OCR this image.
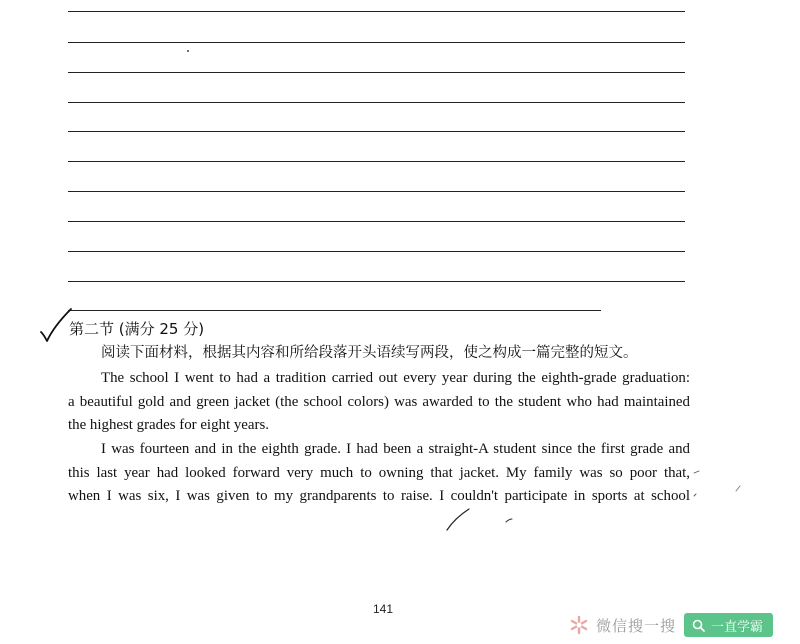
第二节 (满分 25 分)
阅读下面材料，根据其内容和所给段落开头语续写两段，使之构成一篇完整的短文。

The school I went to had a tradition carried out every year during the eighth-grade graduation:
a beautiful gold and green jacket (the school colors) was awarded to the student who had maintained
the highest grades for eight years.

I was fourteen and in the eighth grade. I had been a straight-A student since the first grade and
this last year had looked forward very much to owning that jacket. My family was so poor that,
when I was six, I was given to my grandparents to raise. I couldn't participate in sports at school

141
微信搜一搜	一直学霸
